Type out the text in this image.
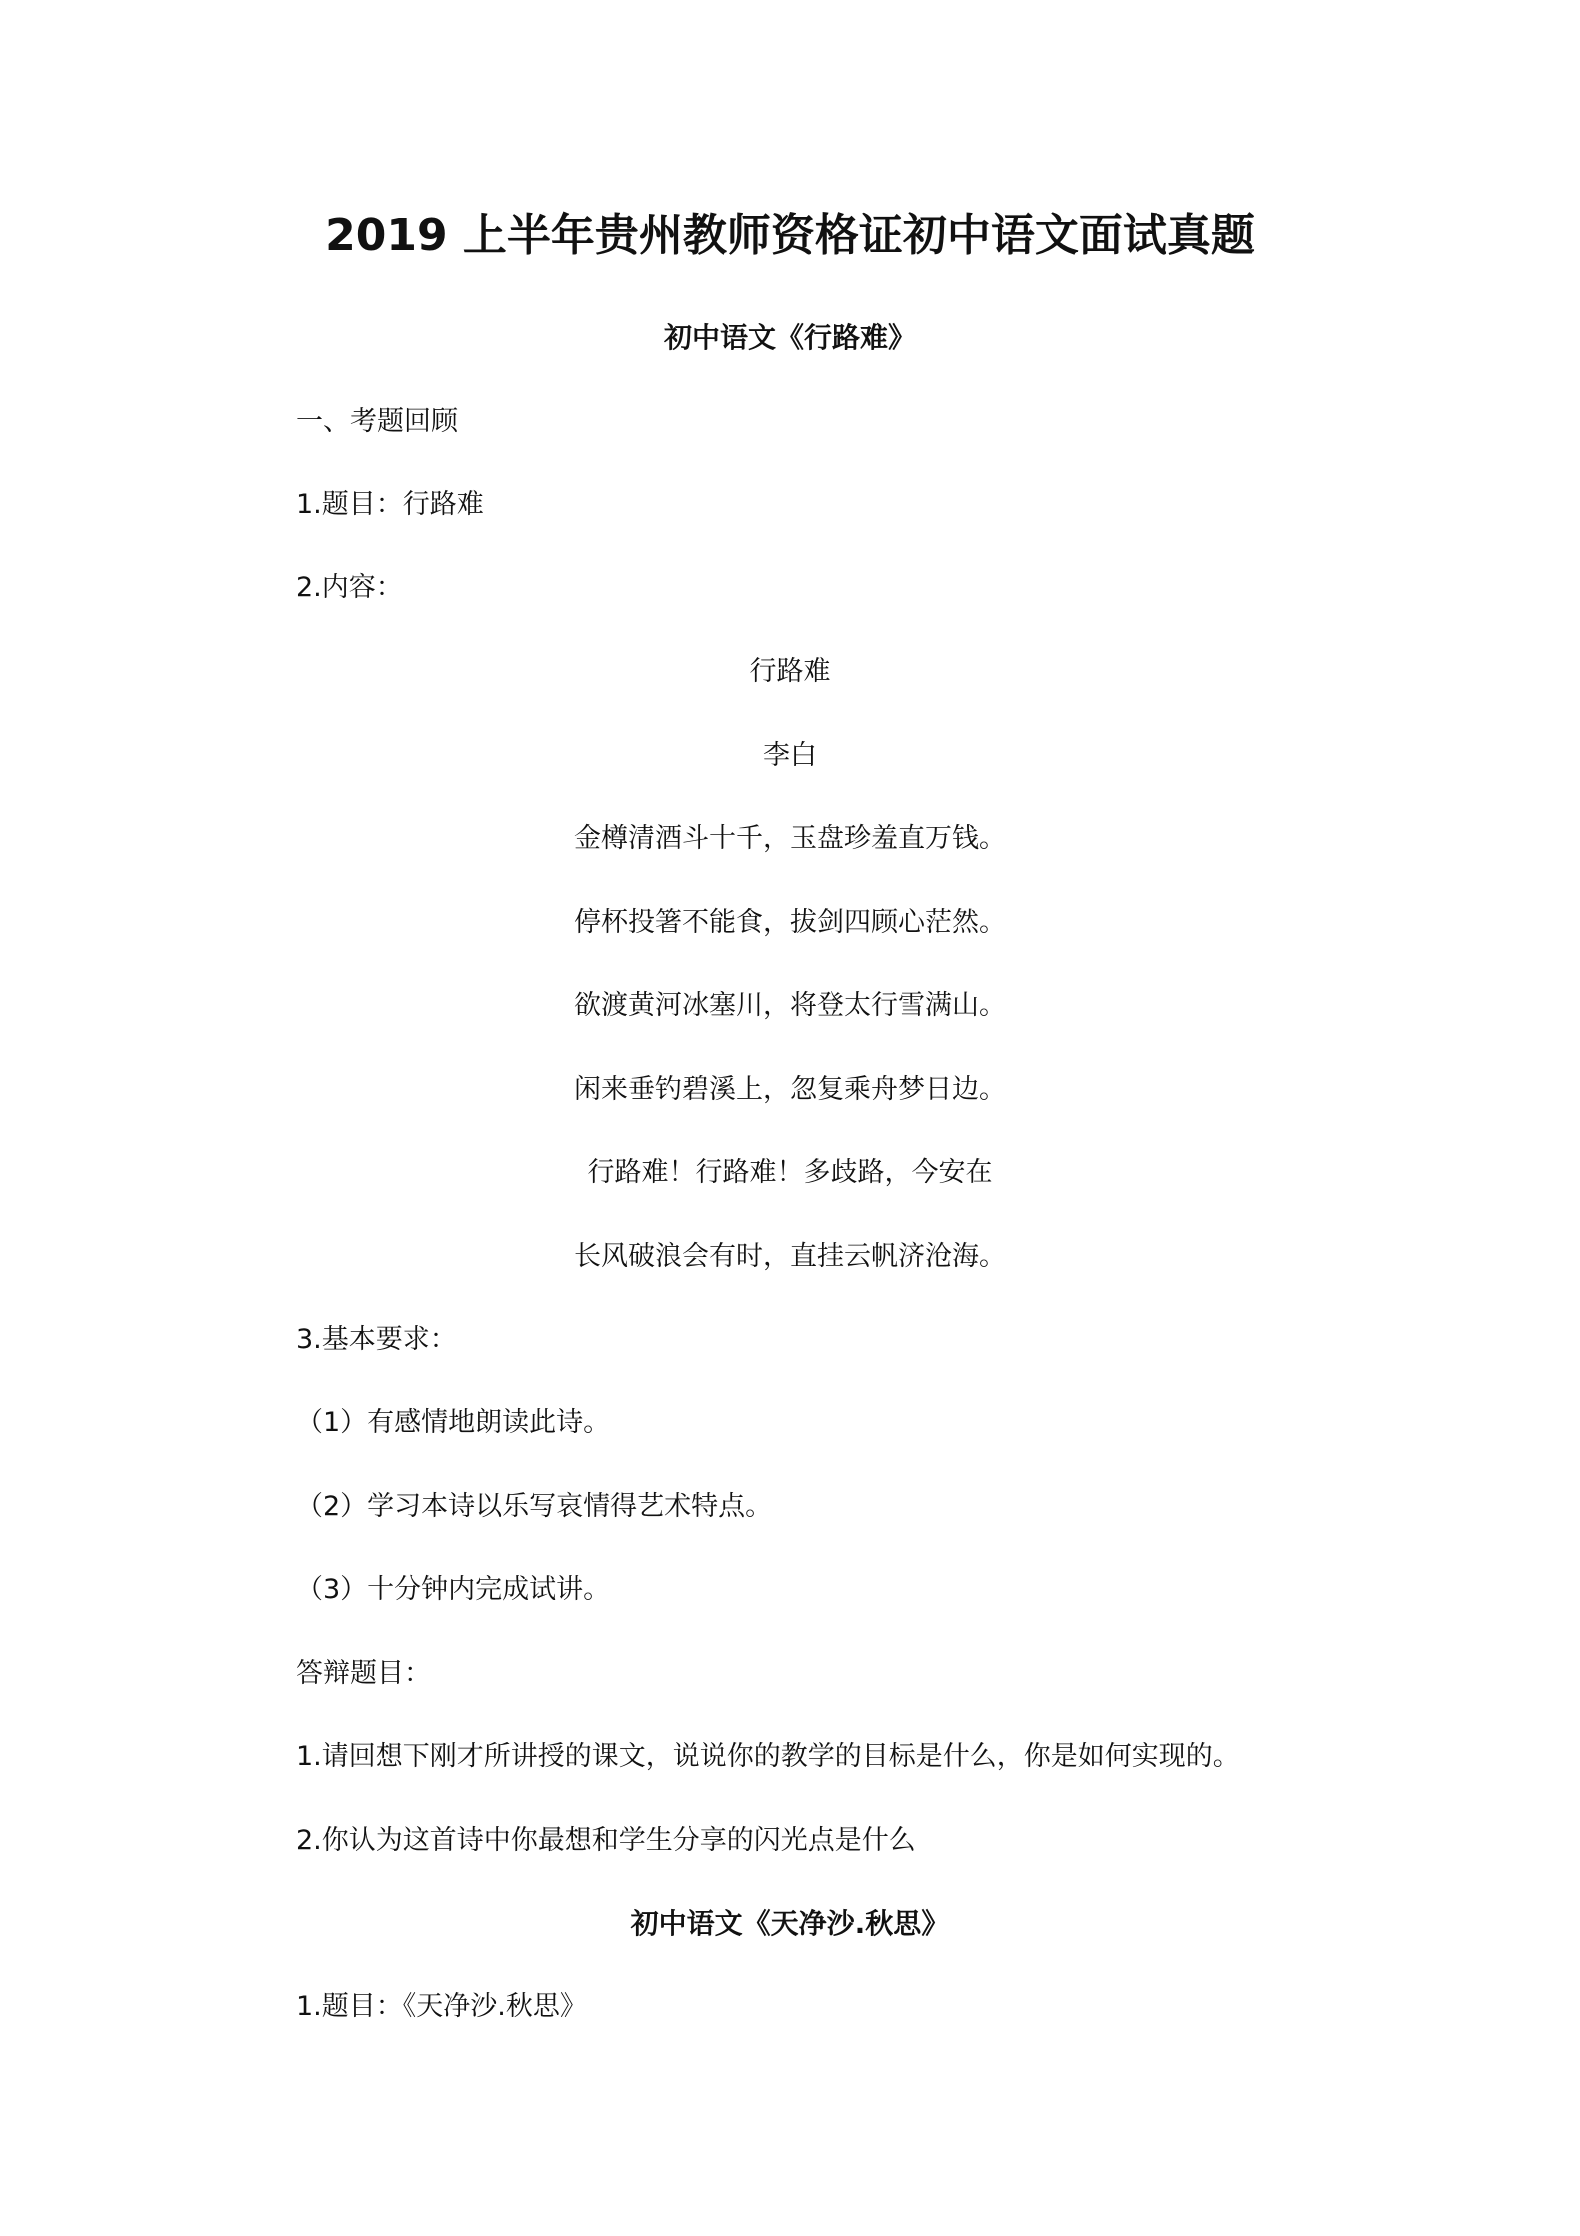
2019 上半年贵州教师资格证初中语文面试真题
初中语文《行路难》
一、考题回顾
1.题目：行路难
2.内容：
行路难
李白
金樽清酒斗十千，玉盘珍羞直万钱。
停杯投箸不能食，拔剑四顾心茫然。
欲渡黄河冰塞川，将登太行雪满山。
闲来垂钓碧溪上，忽复乘舟梦日边。
行路难！行路难！多歧路，今安在
长风破浪会有时，直挂云帆济沧海。
3.基本要求：
（1）有感情地朗读此诗。
（2）学习本诗以乐写哀情得艺术特点。
（3）十分钟内完成试讲。
答辩题目：
1.请回想下刚才所讲授的课文，说说你的教学的目标是什么，你是如何实现的。
2.你认为这首诗中你最想和学生分享的闪光点是什么
初中语文《天净沙.秋思》
1.题目：《天净沙.秋思》
